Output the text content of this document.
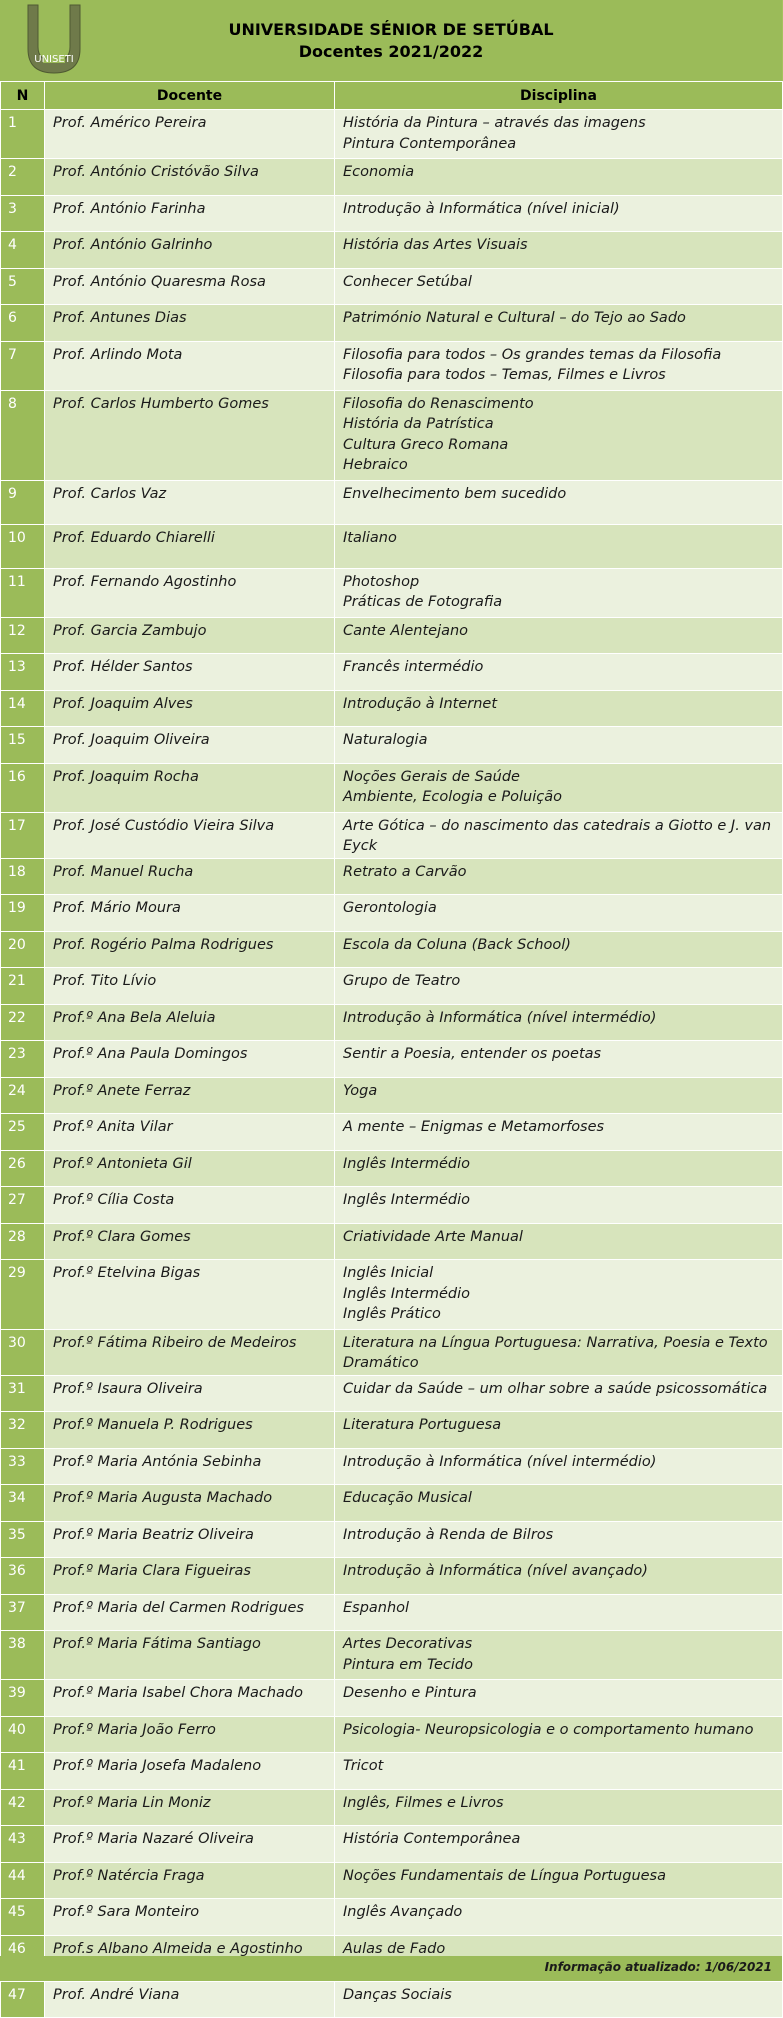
UNISETI
UNIVERSIDADE SÉNIOR DE SETÚBAL
Docentes 2021/2022
N	Docente	Disciplina
1	Prof. Américo Pereira	História da Pintura – através das imagens
Pintura Contemporânea

2	Prof. António Cristóvão Silva	Economia

3	Prof. António Farinha	Introdução à Informática (nível inicial)

4	Prof. António Galrinho	História das Artes Visuais

5	Prof. António Quaresma Rosa	Conhecer Setúbal

6	Prof. Antunes Dias	Património Natural e Cultural – do Tejo ao Sado

7	Prof. Arlindo Mota	Filosofia para todos – Os grandes temas da Filosofia
Filosofia para todos – Temas, Filmes e Livros

8	Prof. Carlos Humberto Gomes	Filosofia do Renascimento
História da Patrística
Cultura Greco Romana
Hebraico

9	Prof. Carlos Vaz	Envelhecimento bem sucedido

10	Prof. Eduardo Chiarelli	Italiano

11	Prof. Fernando Agostinho	Photoshop
Práticas de Fotografia

12	Prof. Garcia Zambujo	Cante Alentejano

13	Prof. Hélder Santos	Francês intermédio

14	Prof. Joaquim Alves	Introdução à Internet

15	Prof. Joaquim Oliveira	Naturalogia

16	Prof. Joaquim Rocha	Noções Gerais de Saúde
Ambiente, Ecologia e Poluição

17	Prof. José Custódio Vieira Silva	Arte Gótica – do nascimento das catedrais a Giotto e J. van Eyck

18	Prof. Manuel Rucha	Retrato a Carvão

19	Prof. Mário Moura	Gerontologia

20	Prof. Rogério Palma Rodrigues	Escola da Coluna (Back School)

21	Prof. Tito Lívio	Grupo de Teatro

22	Prof.º Ana Bela Aleluia	Introdução à Informática (nível intermédio)

23	Prof.º Ana Paula Domingos	Sentir a Poesia, entender os poetas

24	Prof.º Anete Ferraz	Yoga

25	Prof.º Anita Vilar	A mente – Enigmas e Metamorfoses

26	Prof.º Antonieta Gil	Inglês Intermédio

27	Prof.º Cília Costa	Inglês Intermédio

28	Prof.º Clara Gomes	Criatividade Arte Manual

29	Prof.º Etelvina Bigas	Inglês Inicial
Inglês Intermédio
Inglês Prático

30	Prof.º Fátima Ribeiro de Medeiros	Literatura na Língua Portuguesa: Narrativa, Poesia e Texto Dramático

31	Prof.º Isaura Oliveira	Cuidar da Saúde – um olhar sobre a saúde psicossomática

32	Prof.º Manuela P. Rodrigues	Literatura Portuguesa

33	Prof.º Maria Antónia Sebinha	Introdução à Informática (nível intermédio)

34	Prof.º Maria Augusta Machado	Educação Musical

35	Prof.º Maria Beatriz Oliveira	Introdução à Renda de Bilros

36	Prof.º Maria Clara Figueiras	Introdução à Informática (nível avançado)

37	Prof.º Maria del Carmen Rodrigues	Espanhol

38	Prof.º Maria Fátima Santiago	Artes Decorativas
Pintura em Tecido

39	Prof.º Maria Isabel Chora Machado	Desenho e Pintura

40	Prof.º Maria João Ferro	Psicologia- Neuropsicologia e o comportamento humano

41	Prof.º Maria Josefa Madaleno	Tricot

42	Prof.º Maria Lin Moniz	Inglês, Filmes e Livros

43	Prof.º Maria Nazaré Oliveira	História Contemporânea

44	Prof.º Natércia Fraga	Noções Fundamentais de Língua Portuguesa

45	Prof.º Sara Monteiro	Inglês Avançado

46	Prof.s Albano Almeida e Agostinho	Aulas de Fado

47	Prof. André Viana	Danças Sociais
Informação atualizado: 1/06/2021
